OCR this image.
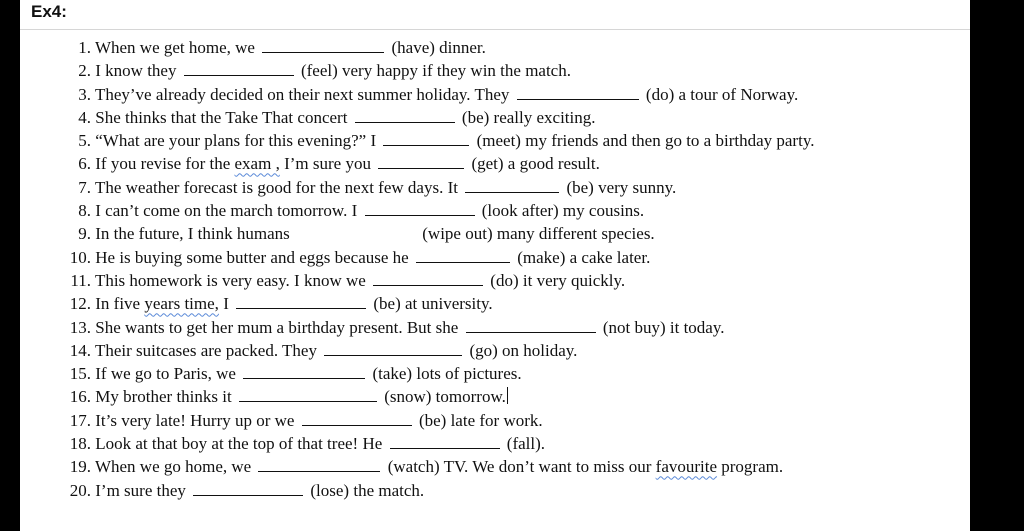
Ex4:
1. When we get home, we	(have) dinner.
2. I know they	(feel) very happy if they win the match.
3. They’ve already decided on their next summer holiday. They	(do) a tour of Norway.
4. She thinks that the Take That concert	(be) really exciting.
5. “What are your plans for this evening?” I	(meet) my friends and then go to a birthday party.
6. If you revise for the exam , I’m sure you	(get) a good result.
7. The weather forecast is good for the next few days. It	(be) very sunny.
8. I can’t come on the march tomorrow. I	(look after) my cousins.
9. In the future, I think humans	(wipe out) many different species.
10. He is buying some butter and eggs because he	(make) a cake later.
11. This homework is very easy. I know we	(do) it very quickly.
12. In five years time, I	(be) at university.
13. She wants to get her mum a birthday present. But she	(not buy) it today.
14. Their suitcases are packed. They	(go) on holiday.
15. If we go to Paris, we	(take) lots of pictures.
16. My brother thinks it	(snow) tomorrow.
17. It’s very late! Hurry up or we	(be) late for work.
18. Look at that boy at the top of that tree! He	(fall).
19. When we go home, we	(watch) TV. We don’t want to miss our favourite program.
20. I’m sure they	(lose) the match.
